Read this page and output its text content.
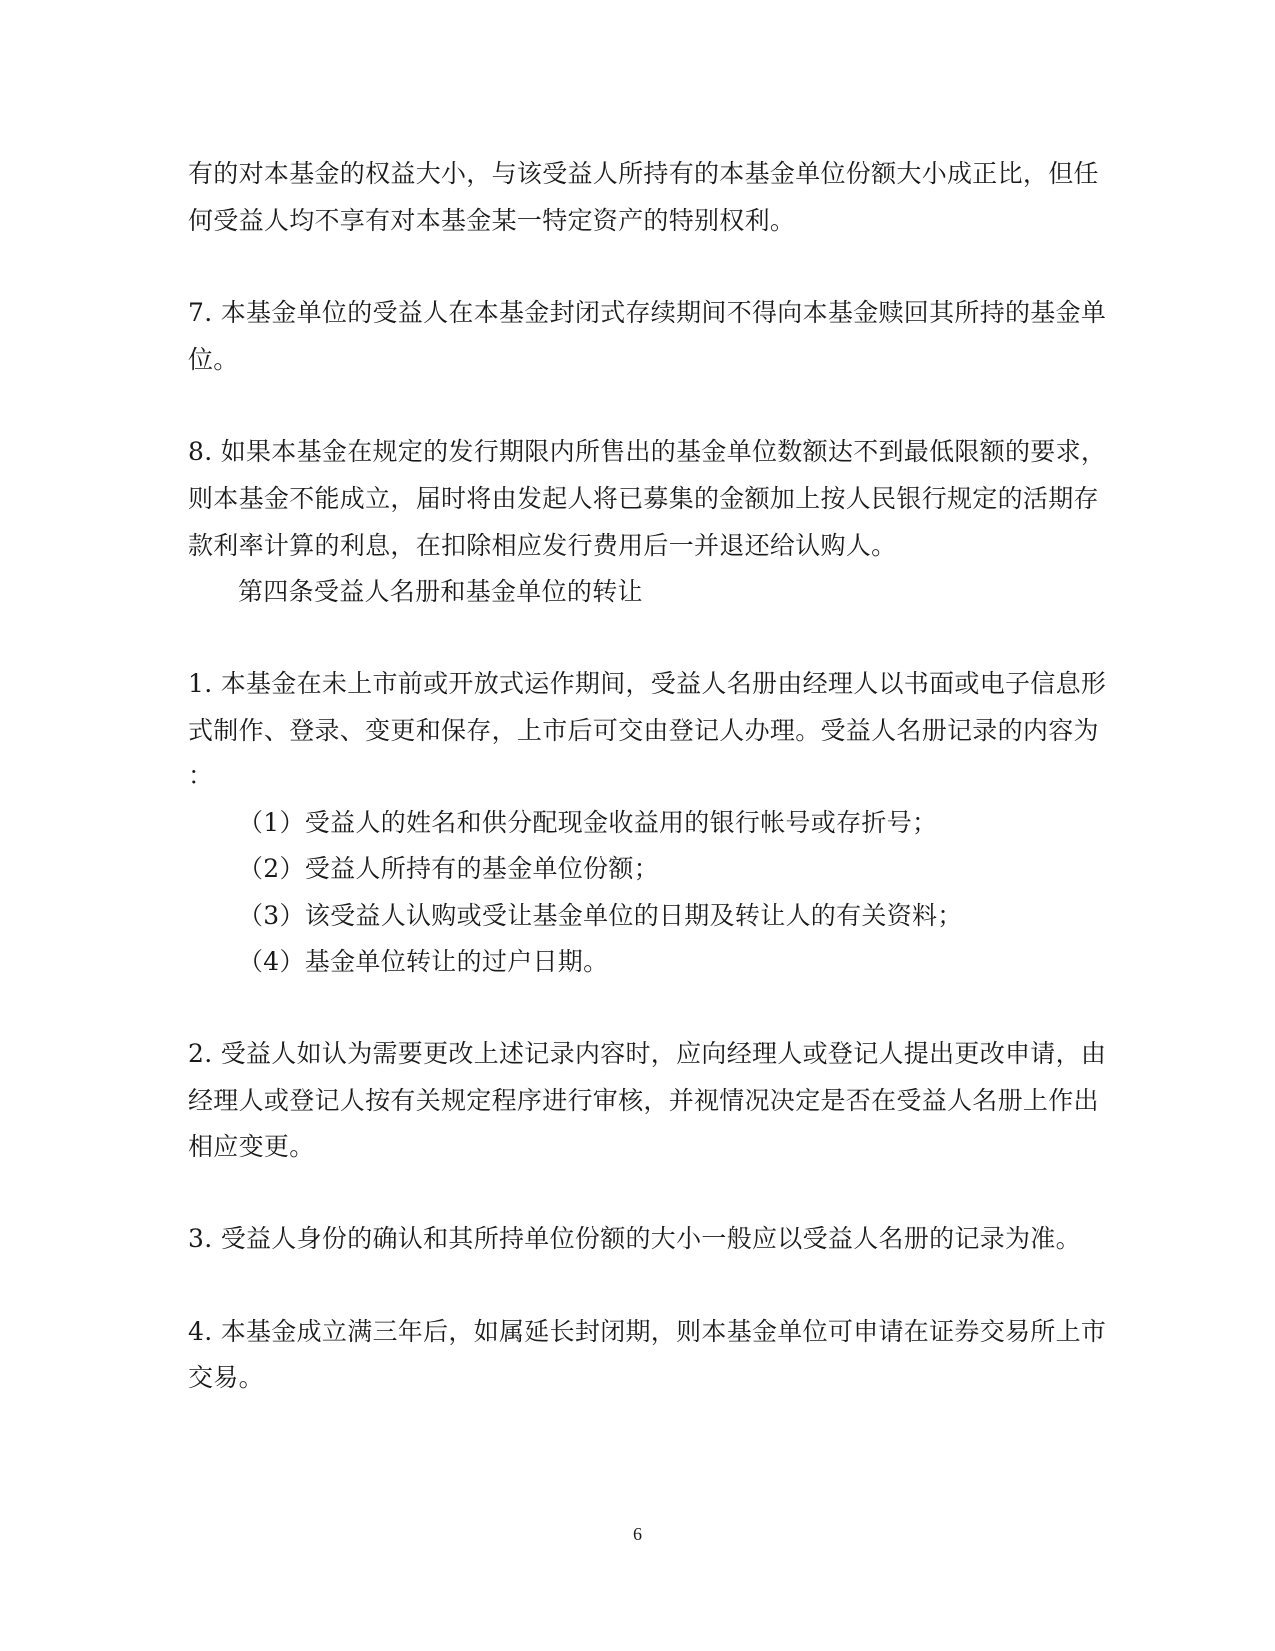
有的对本基金的权益大小，与该受益人所持有的本基金单位份额大小成正比，但任
何受益人均不享有对本基金某一特定资产的特别权利。
7. 本基金单位的受益人在本基金封闭式存续期间不得向本基金赎回其所持的基金单
位。
8. 如果本基金在规定的发行期限内所售出的基金单位数额达不到最低限额的要求，
则本基金不能成立，届时将由发起人将已募集的金额加上按人民银行规定的活期存
款利率计算的利息，在扣除相应发行费用后一并退还给认购人。
第四条受益人名册和基金单位的转让
1. 本基金在未上市前或开放式运作期间，受益人名册由经理人以书面或电子信息形
式制作、登录、变更和保存，上市后可交由登记人办理。受益人名册记录的内容为
：
（1）受益人的姓名和供分配现金收益用的银行帐号或存折号；
（2）受益人所持有的基金单位份额；
（3）该受益人认购或受让基金单位的日期及转让人的有关资料；
（4）基金单位转让的过户日期。
2. 受益人如认为需要更改上述记录内容时，应向经理人或登记人提出更改申请，由
经理人或登记人按有关规定程序进行审核，并视情况决定是否在受益人名册上作出
相应变更。
3. 受益人身份的确认和其所持单位份额的大小一般应以受益人名册的记录为准。
4. 本基金成立满三年后，如属延长封闭期，则本基金单位可申请在证券交易所上市
交易。
6
